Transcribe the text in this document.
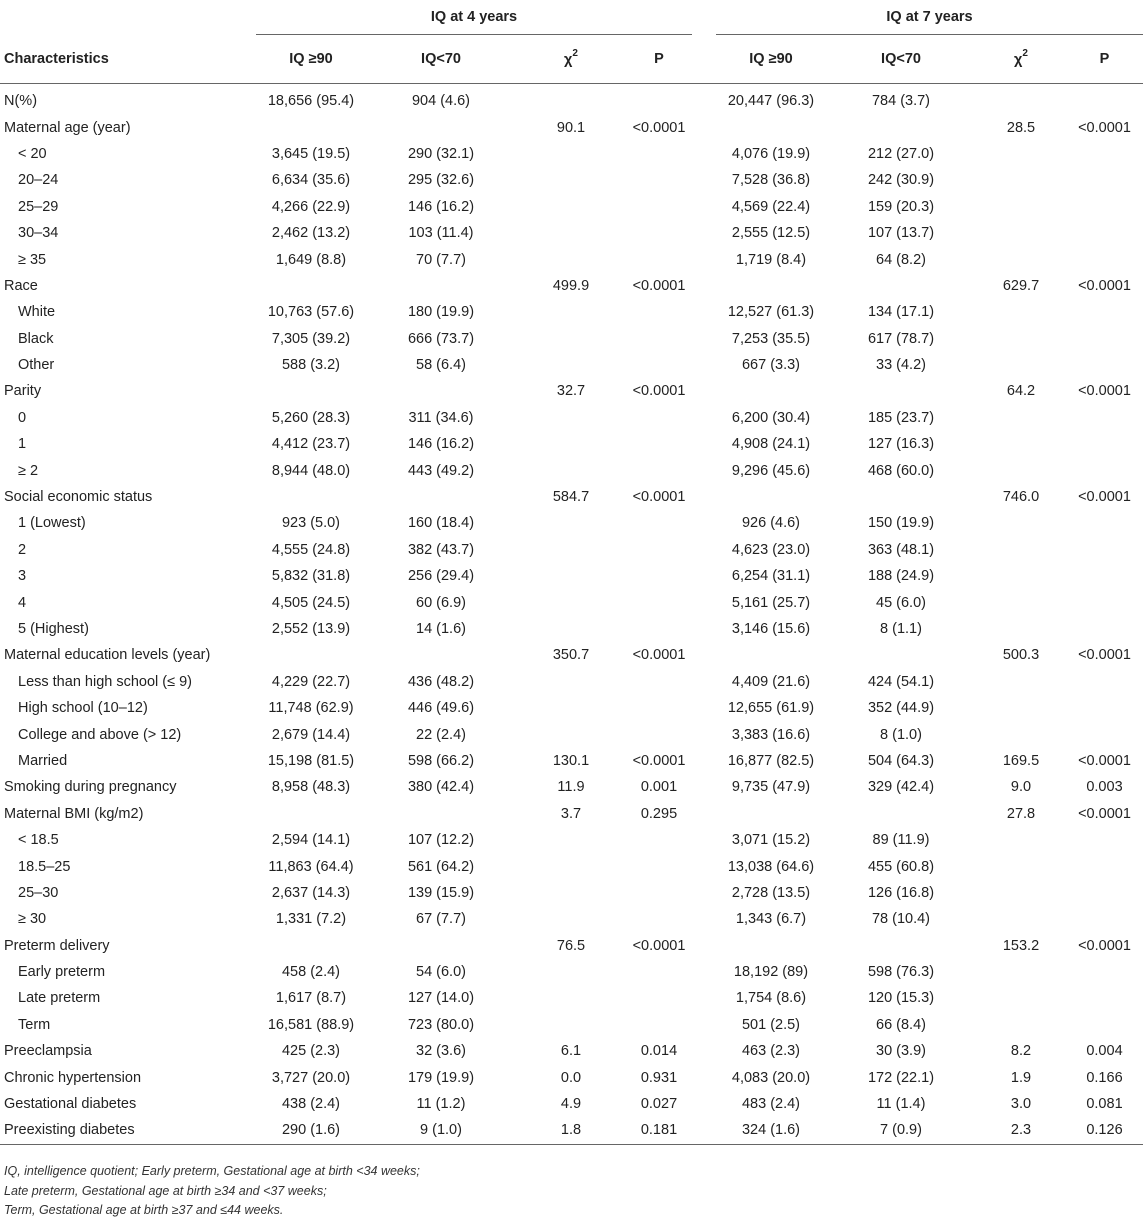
	IQ at 4 years					IQ at 7 years			
Characteristics	IQ ≥90	IQ<70	$\chi^2$	P		IQ ≥90	IQ<70	$\chi^2$	P
N(%)	18,656 (95.4)	904 (4.6)				20,447 (96.3)	784 (3.7)		
Maternal age (year)			90.1	<0.0001				28.5	<0.0001
< 20	3,645 (19.5)	290 (32.1)				4,076 (19.9)	212 (27.0)		
20–24	6,634 (35.6)	295 (32.6)				7,528 (36.8)	242 (30.9)		
25–29	4,266 (22.9)	146 (16.2)				4,569 (22.4)	159 (20.3)		
30–34	2,462 (13.2)	103 (11.4)				2,555 (12.5)	107 (13.7)		
≥ 35	1,649 (8.8)	70 (7.7)				1,719 (8.4)	64 (8.2)		
Race			499.9	<0.0001				629.7	<0.0001
White	10,763 (57.6)	180 (19.9)				12,527 (61.3)	134 (17.1)		
Black	7,305 (39.2)	666 (73.7)				7,253 (35.5)	617 (78.7)		
Other	588 (3.2)	58 (6.4)				667 (3.3)	33 (4.2)		
Parity			32.7	<0.0001				64.2	<0.0001
0	5,260 (28.3)	311 (34.6)				6,200 (30.4)	185 (23.7)		
1	4,412 (23.7)	146 (16.2)				4,908 (24.1)	127 (16.3)		
≥ 2	8,944 (48.0)	443 (49.2)				9,296 (45.6)	468 (60.0)		
Social economic status			584.7	<0.0001				746.0	<0.0001
1 (Lowest)	923 (5.0)	160 (18.4)				926 (4.6)	150 (19.9)		
2	4,555 (24.8)	382 (43.7)				4,623 (23.0)	363 (48.1)		
3	5,832 (31.8)	256 (29.4)				6,254 (31.1)	188 (24.9)		
4	4,505 (24.5)	60 (6.9)				5,161 (25.7)	45 (6.0)		
5 (Highest)	2,552 (13.9)	14 (1.6)				3,146 (15.6)	8 (1.1)		
Maternal education levels (year)			350.7	<0.0001				500.3	<0.0001
Less than high school (≤ 9)	4,229 (22.7)	436 (48.2)				4,409 (21.6)	424 (54.1)		
High school (10–12)	11,748 (62.9)	446 (49.6)				12,655 (61.9)	352 (44.9)		
College and above (> 12)	2,679 (14.4)	22 (2.4)				3,383 (16.6)	8 (1.0)		
Married	15,198 (81.5)	598 (66.2)	130.1	<0.0001		16,877 (82.5)	504 (64.3)	169.5	<0.0001
Smoking during pregnancy	8,958 (48.3)	380 (42.4)	11.9	0.001		9,735 (47.9)	329 (42.4)	9.0	0.003
Maternal BMI (kg/m2)			3.7	0.295				27.8	<0.0001
< 18.5	2,594 (14.1)	107 (12.2)				3,071 (15.2)	89 (11.9)		
18.5–25	11,863 (64.4)	561 (64.2)				13,038 (64.6)	455 (60.8)		
25–30	2,637 (14.3)	139 (15.9)				2,728 (13.5)	126 (16.8)		
≥ 30	1,331 (7.2)	67 (7.7)				1,343 (6.7)	78 (10.4)		
Preterm delivery			76.5	<0.0001				153.2	<0.0001
Early preterm	458 (2.4)	54 (6.0)				18,192 (89)	598 (76.3)		
Late preterm	1,617 (8.7)	127 (14.0)				1,754 (8.6)	120 (15.3)		
Term	16,581 (88.9)	723 (80.0)				501 (2.5)	66 (8.4)		
Preeclampsia	425 (2.3)	32 (3.6)	6.1	0.014		463 (2.3)	30 (3.9)	8.2	0.004
Chronic hypertension	3,727 (20.0)	179 (19.9)	0.0	0.931		4,083 (20.0)	172 (22.1)	1.9	0.166
Gestational diabetes	438 (2.4)	11 (1.2)	4.9	0.027		483 (2.4)	11 (1.4)	3.0	0.081
Preexisting diabetes	290 (1.6)	9 (1.0)	1.8	0.181		324 (1.6)	7 (0.9)	2.3	0.126
IQ, intelligence quotient; Early preterm, Gestational age at birth <34 weeks;
Late preterm, Gestational age at birth ≥34 and <37 weeks;
Term, Gestational age at birth ≥37 and ≤44 weeks.
